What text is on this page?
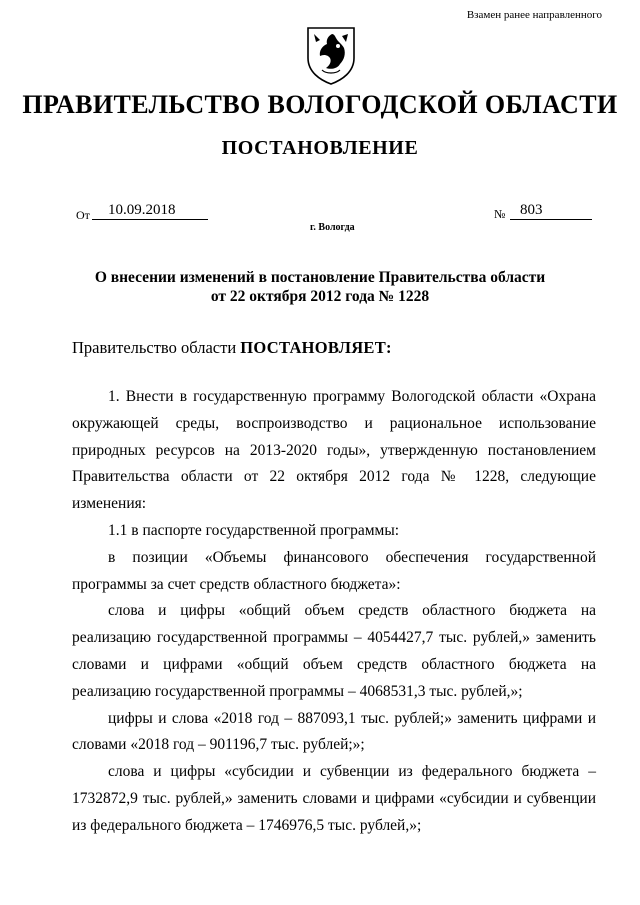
Взамен ранее направленного
ПРАВИТЕЛЬСТВО ВОЛОГОДСКОЙ ОБЛАСТИ
ПОСТАНОВЛЕНИЕ
От	10.09.2018	№ 803
г. Вологда
О внесении изменений в постановление Правительства области
от 22 октября 2012 года № 1228
Правительство области ПОСТАНОВЛЯЕТ:

1. Внести в государственную программу Вологодской области «Охрана окружающей среды, воспроизводство и рациональное использование природных ресурсов на 2013-2020 годы», утвержденную постановлением Правительства области от 22 октября 2012 года № 1228, следующие изменения:

1.1 в паспорте государственной программы:

в позиции «Объемы финансового обеспечения государственной программы за счет средств областного бюджета»:

слова и цифры «общий объем средств областного бюджета на реализацию государственной программы – 4054427,7 тыс. рублей,» заменить словами и цифрами «общий объем средств областного бюджета на реализацию государственной программы – 4068531,3 тыс. рублей,»;

цифры и слова «2018 год – 887093,1 тыс. рублей;» заменить цифрами и словами «2018 год – 901196,7 тыс. рублей;»;

слова и цифры «субсидии и субвенции из федерального бюджета – 1732872,9 тыс. рублей,» заменить словами и цифрами «субсидии и субвенции из федерального бюджета – 1746976,5 тыс. рублей,»;
